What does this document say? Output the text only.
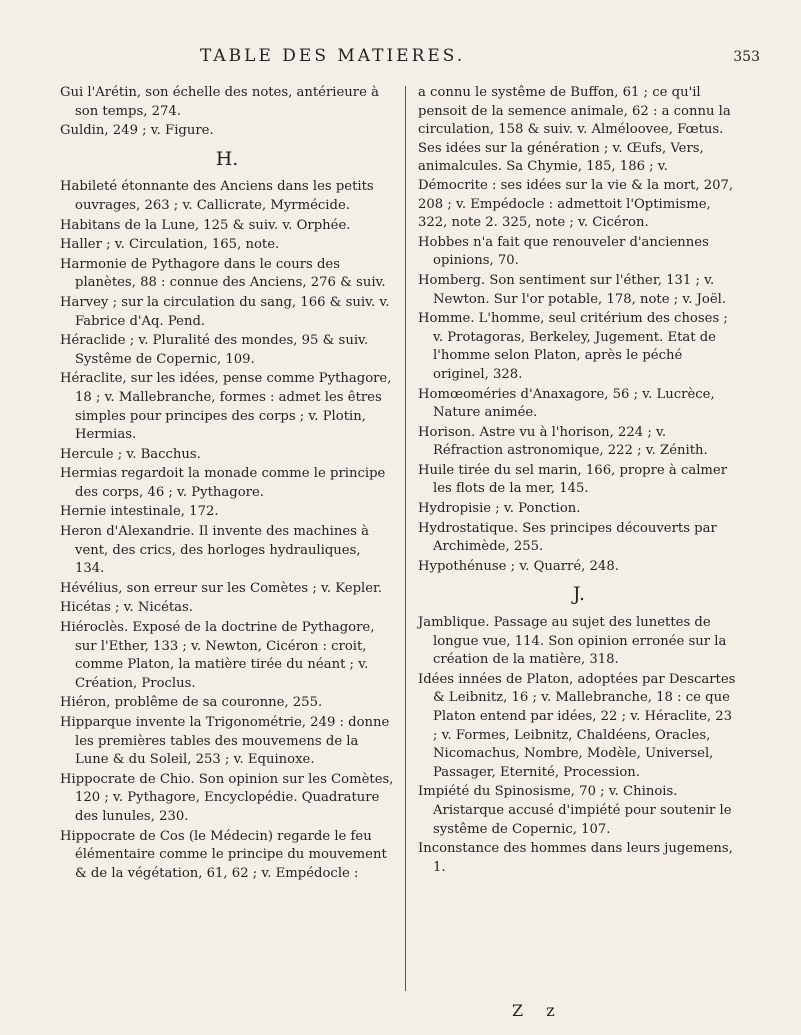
TABLE DES MATIERES.	353

Gui l'Arétin, son échelle des notes, antérieure à son temps, 274.

Guldin, 249 ; v. Figure.

H.

Habileté étonnante des Anciens dans les petits ouvrages, 263 ; v. Callicrate, Myrmécide.

Habitans de la Lune, 125 & suiv. v. Orphée.

Haller ; v. Circulation, 165, note.

Harmonie de Pythagore dans le cours des planètes, 88 : connue des Anciens, 276 & suiv.

Harvey ; sur la circulation du sang, 166 & suiv. v. Fabrice d'Aq. Pend.

Héraclide ; v. Pluralité des mondes, 95 & suiv. Systême de Copernic, 109.

Héraclite, sur les idées, pense comme Pythagore, 18 ; v. Mallebranche, formes : admet les êtres simples pour principes des corps ; v. Plotin, Hermias.

Hercule ; v. Bacchus.

Hermias regardoit la monade comme le principe des corps, 46 ; v. Pythagore.

Hernie intestinale, 172.

Heron d'Alexandrie. Il invente des machines à vent, des crics, des horloges hydrauliques, 134.

Hévélius, son erreur sur les Comètes ; v. Kepler.

Hicétas ; v. Nicétas.

Hiéroclès. Exposé de la doctrine de Pythagore, sur l'Ether, 133 ; v. Newton, Cicéron : croit, comme Platon, la matière tirée du néant ; v. Création, Proclus.

Hiéron, problême de sa couronne, 255.

Hipparque invente la Trigonométrie, 249 : donne les premières tables des mouvemens de la Lune & du Soleil, 253 ; v. Equinoxe.

Hippocrate de Chio. Son opinion sur les Comètes, 120 ; v. Pythagore, Encyclopédie. Quadrature des lunules, 230.

Hippocrate de Cos (le Médecin) regarde le feu élémentaire comme le principe du mouvement & de la végétation, 61, 62 ; v. Empédocle :

a connu le systême de Buffon, 61 ; ce qu'il pensoit de la semence animale, 62 : a connu la circulation, 158 & suiv. v. Alméloovee, Fœtus. Ses idées sur la génération ; v. Œufs, Vers, animalcules. Sa Chymie, 185, 186 ; v. Démocrite : ses idées sur la vie & la mort, 207, 208 ; v. Empédocle : admettoit l'Optimisme, 322, note 2. 325, note ; v. Cicéron.

Hobbes n'a fait que renouveler d'anciennes opinions, 70.

Homberg. Son sentiment sur l'éther, 131 ; v. Newton. Sur l'or potable, 178, note ; v. Joël.

Homme. L'homme, seul critérium des choses ; v. Protagoras, Berkeley, Jugement. Etat de l'homme selon Platon, après le péché originel, 328.

Homœoméries d'Anaxagore, 56 ; v. Lucrèce, Nature animée.

Horison. Astre vu à l'horison, 224 ; v. Réfraction astronomique, 222 ; v. Zénith.

Huile tirée du sel marin, 166, propre à calmer les flots de la mer, 145.

Hydropisie ; v. Ponction.

Hydrostatique. Ses principes découverts par Archimède, 255.

Hypothénuse ; v. Quarré, 248.

J.

Jamblique. Passage au sujet des lunettes de longue vue, 114. Son opinion erronée sur la création de la matière, 318.

Idées innées de Platon, adoptées par Descartes & Leibnitz, 16 ; v. Mallebranche, 18 : ce que Platon entend par idées, 22 ; v. Héraclite, 23 ; v. Formes, Leibnitz, Chaldéens, Oracles, Nicomachus, Nombre, Modèle, Universel, Passager, Eternité, Procession.

Impiété du Spinosisme, 70 ; v. Chinois. Aristarque accusé d'impiété pour soutenir le systême de Copernic, 107.

Inconstance des hommes dans leurs jugemens, 1.

Z z
